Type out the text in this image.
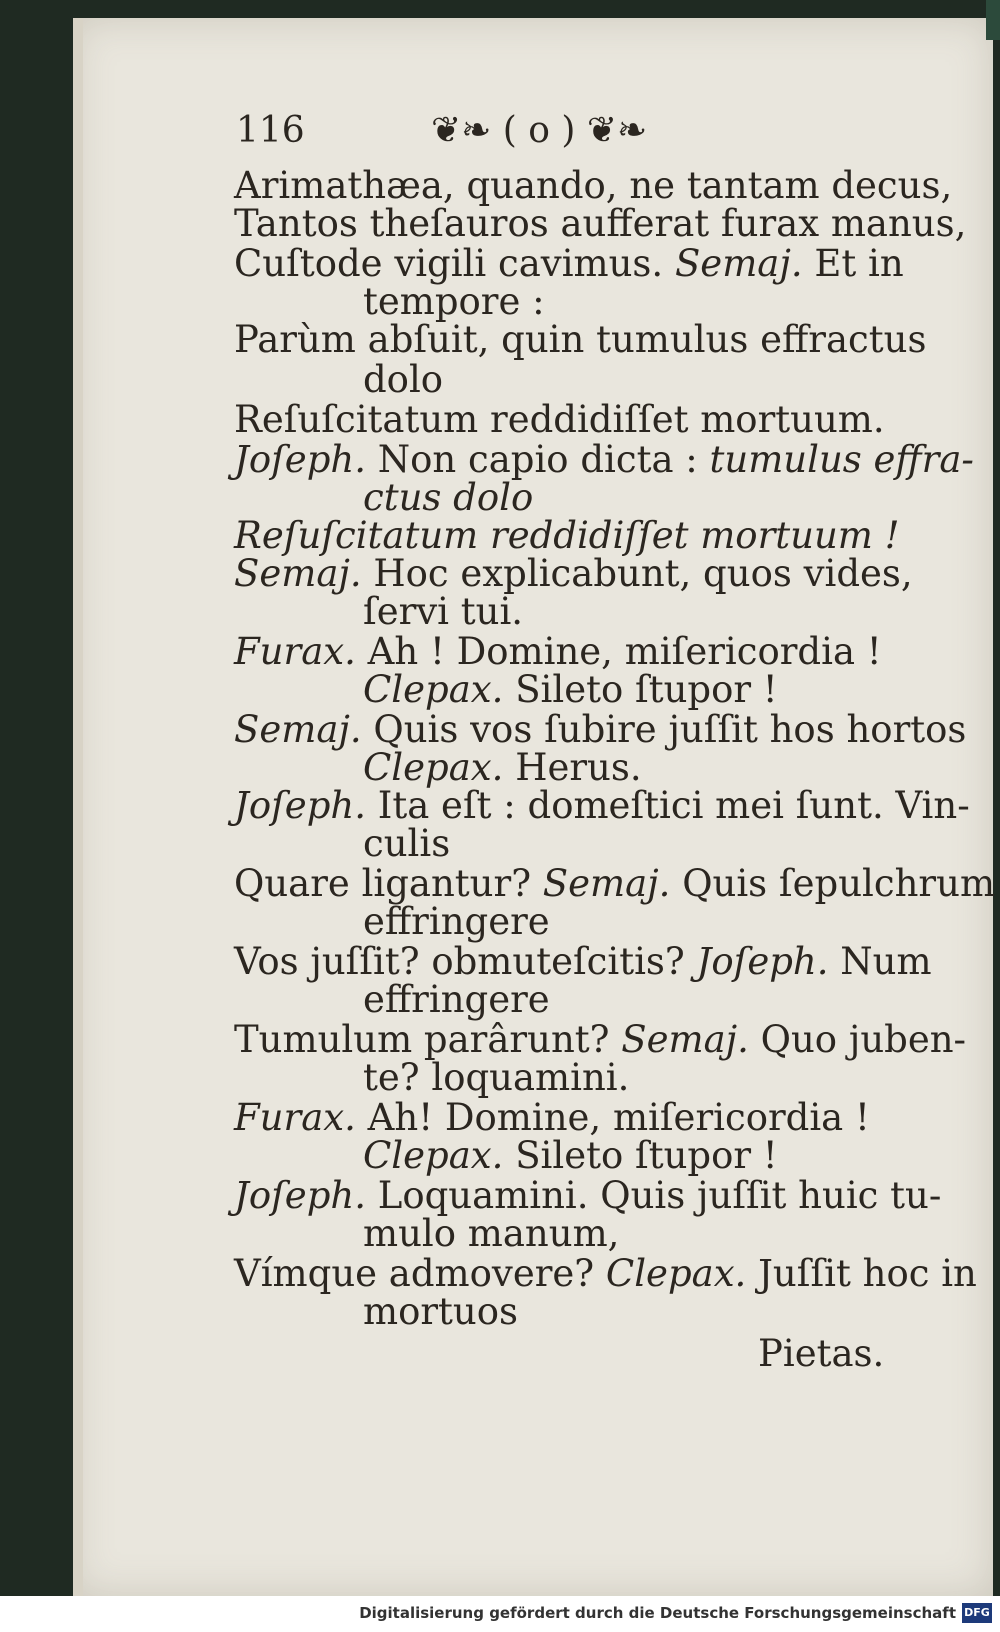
116	❦❧ ( o ) ❦❧
Arimathæa, quando, ne tantam decus,
Tantos theſauros aufferat furax manus,
Cuſtode vigili cavimus. Semaj. Et in
tempore :
Parùm abſuit, quin tumulus effractus
dolo
Reſuſcitatum reddidiſſet mortuum.
Joſeph. Non capio dicta : tumulus effra-
ctus dolo
Reſuſcitatum reddidiſſet mortuum !
Semaj. Hoc explicabunt, quos vides,
ſervi tui.
Furax. Ah ! Domine, miſericordia !
Clepax. Sileto ſtupor !
Semaj. Quis vos ſubire juſſit hos hortos
Clepax. Herus.
Joſeph. Ita eſt : domeſtici mei ſunt. Vin-
culis
Quare ligantur? Semaj. Quis ſepulchrum
effringere
Vos juſſit? obmuteſcitis? Joſeph. Num
effringere
Tumulum parârunt? Semaj. Quo juben-
te? loquamini.
Furax. Ah! Domine, miſericordia !
Clepax. Sileto ſtupor !
Joſeph. Loquamini. Quis juſſit huic tu-
mulo manum,
Vímque admovere? Clepax. Juſſit hoc in
mortuos
Pietas.
Digitalisierung gefördert durch die Deutsche Forschungsgemeinschaft DFG
